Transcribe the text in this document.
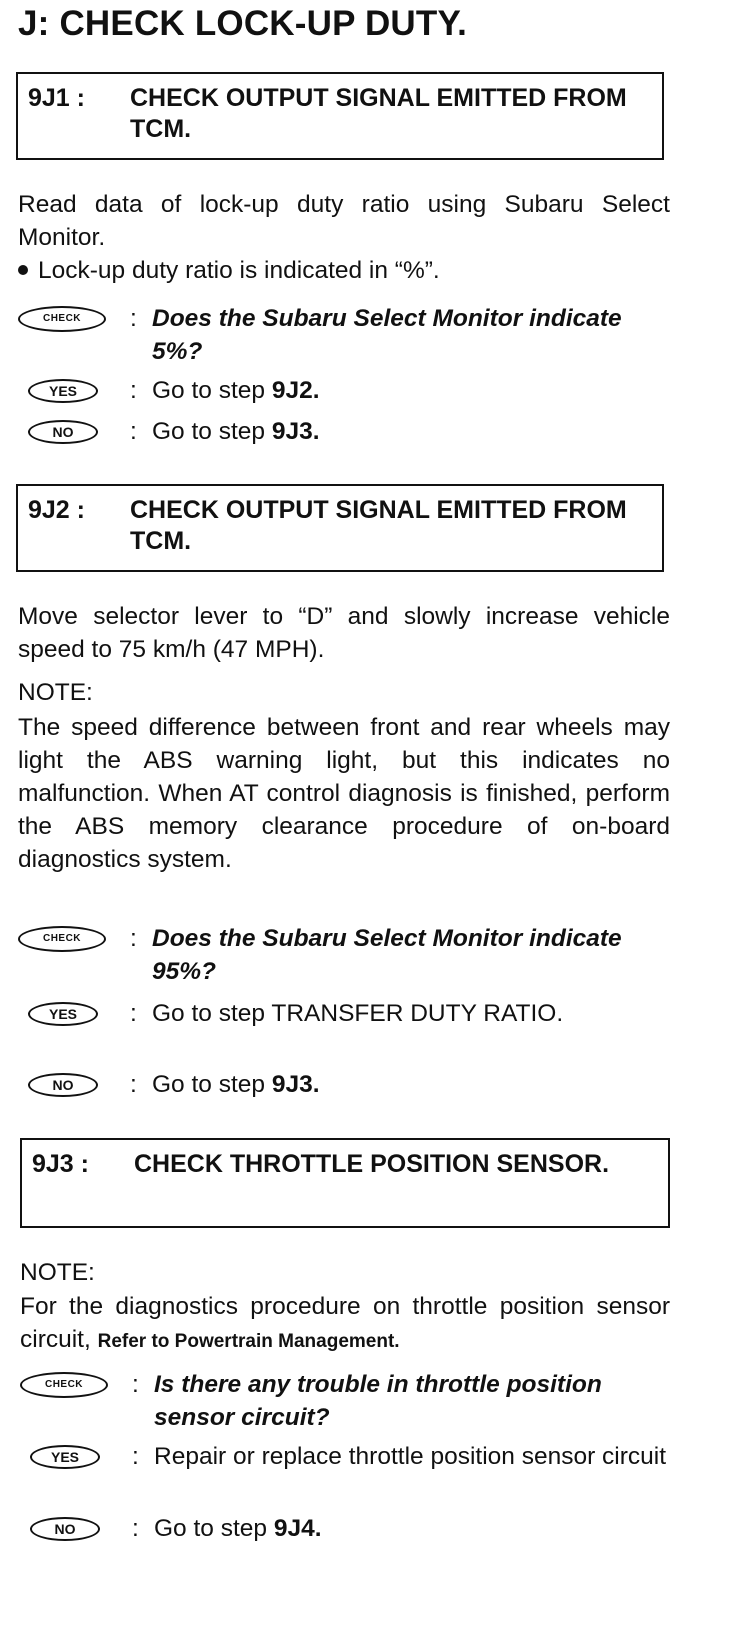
J: CHECK LOCK-UP DUTY.
9J1 : CHECK OUTPUT SIGNAL EMITTED FROM TCM.

Read data of lock-up duty ratio using Subaru Select Monitor.

Lock-up duty ratio is indicated in “%”.
CHECK	: Does the Subaru Select Monitor indicate 5%?
YES	: Go to step 9J2.
NO	: Go to step 9J3.
9J2 : CHECK OUTPUT SIGNAL EMITTED FROM TCM.

Move selector lever to “D” and slowly increase vehicle speed to 75 km/h (47 MPH).

NOTE:

The speed difference between front and rear wheels may light the ABS warning light, but this indicates no malfunction. When AT control diagnosis is finished, perform the ABS memory clearance procedure of on-board diagnostics system.

CHECK	: Does the Subaru Select Monitor indicate 95%?
YES	: Go to step TRANSFER DUTY RATIO.
NO	: Go to step 9J3.
9J3 : CHECK THROTTLE POSITION SENSOR.
NOTE:

For the diagnostics procedure on throttle position sensor circuit, Refer to Powertrain Management.

CHECK	: Is there any trouble in throttle position sensor circuit?
YES	: Repair or replace throttle position sensor circuit
NO	: Go to step 9J4.
